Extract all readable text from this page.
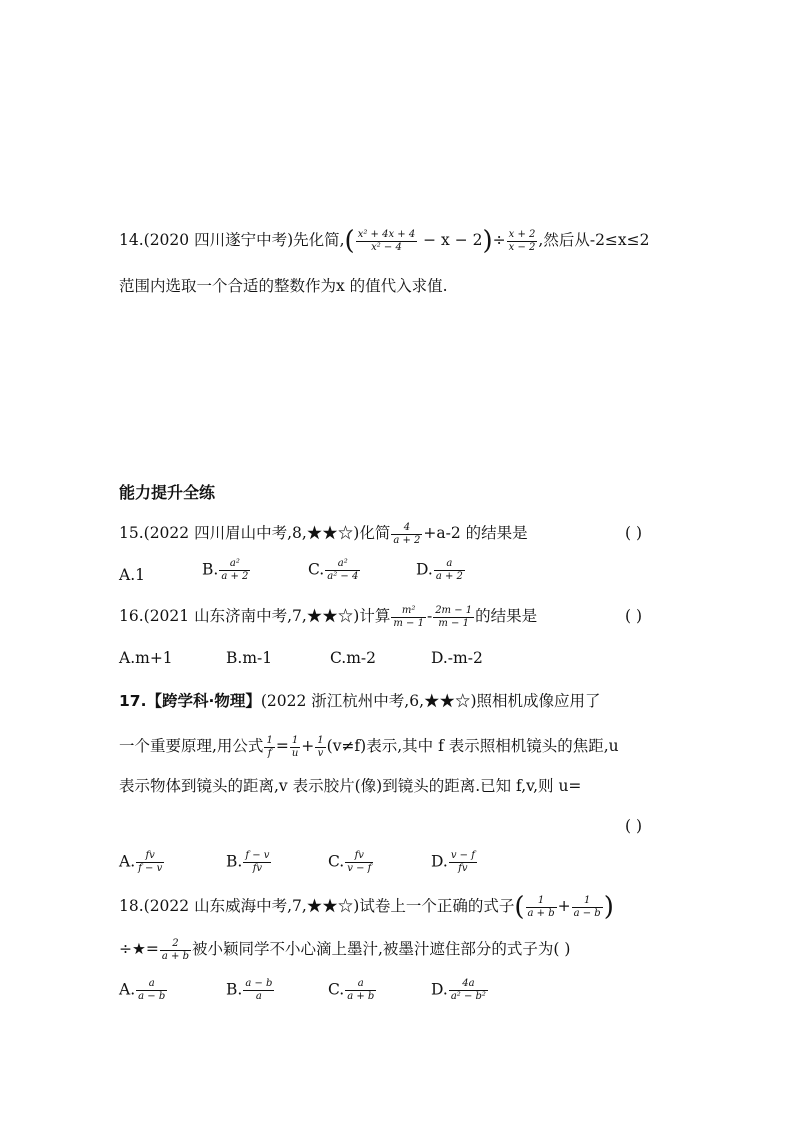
14.(2020 四川遂宁中考)先化简,( $\frac{\text{x² + 4x + 4}}{\text{x² − 4}} - x - 2)\div \frac{x + 2}{x - 2}$ ,然后从-2≤x≤2
范围内选取一个合适的整数作为x 的值代入求值.
能力提升全练
15.(2022 四川眉山中考,8,★★☆)化简 $\frac{4}{a + 2} +a-2$ 的结果是	( )
A.1	B. $\frac{\text{a²}}{a + 2}$	C. $\frac{\text{a²}}{\text{a² − 4}}$	D. $\frac{a}{a + 2}$
16.(2021 山东济南中考,7,★★☆)计算 $\frac{\text{m²}}{m - 1} - \frac{2m - 1}{m - 1}$ 的结果是	( )
A.m+1	B.m-1	C.m-2	D.-m-2
17.【跨学科·物理】(2022 浙江杭州中考,6,★★☆)照相机成像应用了
一个重要原理,用公式 $\frac{1}{f} = \frac{1}{u} + \frac{1}{v} (v\ne f)$表示,其中 f 表示照相机镜头的焦距,u
表示物体到镜头的距离,v 表示胶片(像)到镜头的距离.已知 f,v,则 u=
( )
A. $\frac{fv}{f - v}$	B. $\frac{f - v}{fv}$	C. $\frac{fv}{v - f}$	D. $\frac{v - f}{fv}$
18.(2022 山东威海中考,7,★★☆)试卷上一个正确的式子( $\frac{1}{a + b} + \frac{1}{a - b}$ )
÷★= $\frac{2}{a + b}$ 被小颖同学不小心滴上墨汁,被墨汁遮住部分的式子为( )
A. $\frac{a}{a - b}$	B. $\frac{a - b}{a}$	C. $\frac{a}{a + b}$	D. $\frac{4a}{\text{a² − b²}}$
